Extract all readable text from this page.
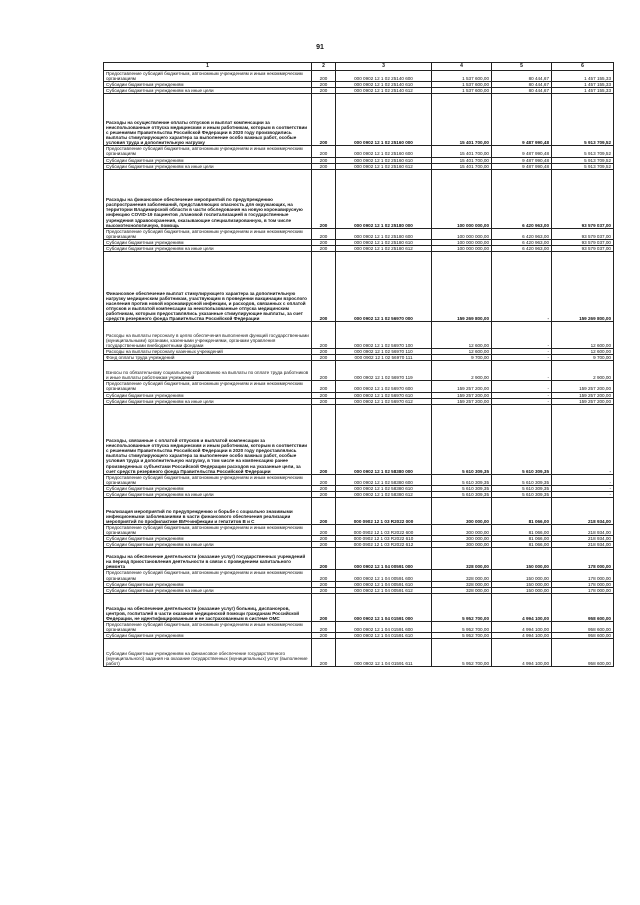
91
1	2	3	4	5	6
Предоставление субсидий бюджетным, автономным учреждениям и иным некоммерческим организациям	200	000 0902 12 1 02 25140 600	1 537 600,00	80 444,67	1 457 155,33
Субсидии бюджетным учреждениям	200	000 0902 12 1 02 25140 610	1 537 600,00	80 444,67	1 457 155,33
Субсидии бюджетным учреждениям на иные цели	200	000 0902 12 1 02 25140 612	1 537 600,00	80 444,67	1 457 155,33
Расходы на осуществление оплаты отпусков и выплат компенсации за неиспользованные отпуска медицинским и иным работникам, которым в соответствии с решениями Правительства Российской Федерации в 2020 году производились выплаты стимулирующего характера за выполнение особо важных работ, особые условия труда и дополнительную нагрузку	200	000 0902 12 1 02 25160 000	15 401 700,00	9 487 990,48	5 913 709,52
Предоставление субсидий бюджетным, автономным учреждениям и иным некоммерческим организациям	200	000 0902 12 1 02 25160 600	15 401 700,00	9 487 990,48	5 913 709,52
Субсидии бюджетным учреждениям	200	000 0902 12 1 02 25160 610	15 401 700,00	9 487 990,48	5 913 709,52
Субсидии бюджетным учреждениям на иные цели	200	000 0902 12 1 02 25160 612	15 401 700,00	9 487 990,48	5 913 709,52
Расходы на финансовое обеспечение мероприятий по предупреждению распространения заболеваний, представляющих опасность для окружающих, на территории Владимирской области в части обследования на новую коронавирусную инфекцию COVID-19 пациентов ,плановой госпитализацией в государственные учреждения здравоохранения, оказывающие специализированную, в том числе высокотехнологичную, помощь	200	000 0902 12 1 02 25180 000	100 000 000,00	6 420 963,00	93 579 037,00
Предоставление субсидий бюджетным, автономным учреждениям и иным некоммерческим организациям	200	000 0902 12 1 02 25180 600	100 000 000,00	6 420 963,00	93 579 037,00
Субсидии бюджетным учреждениям	200	000 0902 12 1 02 25180 610	100 000 000,00	6 420 963,00	93 579 037,00
Субсидии бюджетным учреждениям на иные цели	200	000 0902 12 1 02 25180 612	100 000 000,00	6 420 963,00	93 579 037,00
Финансовое обеспечение выплат стимулирующего характера за дополнительную нагрузку медицинским работникам, участвующим в проведении вакцинации взрослого населения против новой коронавирусной инфекции, и расходов, связанных с оплатой отпусков и выплатой компенсации за неиспользованные отпуска медицинским работникам, которым предоставлялись указанные стимулирующие выплаты, за счет средств резервного фонда Правительства Российской Федерации	200	000 0902 12 1 02 56970 000	159 269 800,00	-	159 269 800,00
Расходы на выплаты персоналу в целях обеспечения выполнения функций государственными (муниципальными) органами, казенными учреждениями, органами управления государственными внебюджетными фондами	200	000 0902 12 1 02 56970 100	12 600,00	-	12 600,00
Расходы на выплаты персоналу казенных учреждений	200	000 0902 12 1 02 56970 110	12 600,00	-	12 600,00
Фонд оплаты труда учреждений	200	000 0902 12 1 02 56970 111	9 700,00	-	9 700,00
Взносы по обязательному социальному страхованию на выплаты по оплате труда работников и иные выплаты работникам учреждений	200	000 0902 12 1 02 56970 119	2 900,00	-	2 900,00
Предоставление субсидий бюджетным, автономным учреждениям и иным некоммерческим организациям	200	000 0902 12 1 02 56970 600	159 257 200,00	-	159 257 200,00
Субсидии бюджетным учреждениям	200	000 0902 12 1 02 56970 610	159 257 200,00	-	159 257 200,00
Субсидии бюджетным учреждениям на иные цели	200	000 0902 12 1 02 56970 612	159 257 200,00	-	159 257 200,00
Расходы, связанные с оплатой отпусков и выплатой компенсации за неиспользованные отпуска медицинским и иным работникам, которым в соответствии с решениями Правительства Российской Федерации в 2020 году предоставлялись выплаты стимулирующего характера за выполнение особо важных работ, особые условия труда и дополнительную нагрузку, в том числе на компенсацию ранее произведенных субъектами Российской Федерации расходов на указанные цели, за счет средств резервного фонда Правительства Российской Федерации	200	000 0902 12 1 02 58380 000	5 610 309,35	5 610 309,35	-
Предоставление субсидий бюджетным, автономным учреждениям и иным некоммерческим организациям	200	000 0902 12 1 02 58380 600	5 610 309,35	5 610 309,35	-
Субсидии бюджетным учреждениям	200	000 0902 12 1 02 58380 610	5 610 309,35	5 610 309,35	-
Субсидии бюджетным учреждениям на иные цели	200	000 0902 12 1 02 58380 612	5 610 309,35	5 610 309,35	-
Реализация мероприятий по предупреждению и борьбе с социально значимыми инфекционными заболеваниями в части финансового обеспечения реализации мероприятий по профилактике ВИЧ-инфекции и гепатитов В и С	200	000 0902 12 1 03 R2022 000	300 000,00	81 066,00	218 934,00
Предоставление субсидий бюджетным, автономным учреждениям и иным некоммерческим организациям	200	000 0902 12 1 03 R2022 600	300 000,00	81 066,00	218 934,00
Субсидии бюджетным учреждениям	200	000 0902 12 1 03 R2022 610	300 000,00	81 066,00	218 934,00
Субсидии бюджетным учреждениям на иные цели	200	000 0902 12 1 03 R2022 612	300 000,00	81 066,00	218 934,00
Расходы на обеспечение деятельности (оказание услуг) государственных учреждений на период приостановления деятельности в связи с проведением капитального ремонта	200	000 0902 12 1 04 00591 000	328 000,00	150 000,00	178 000,00
Предоставление субсидий бюджетным, автономным учреждениям и иным некоммерческим организациям	200	000 0902 12 1 04 00591 600	328 000,00	150 000,00	178 000,00
Субсидии бюджетным учреждениям	200	000 0902 12 1 04 00591 610	328 000,00	150 000,00	178 000,00
Субсидии бюджетным учреждениям на иные цели	200	000 0902 12 1 04 00591 612	328 000,00	150 000,00	178 000,00
Расходы на обеспечение деятельности (оказание услуг) больниц, диспансеров, центров, госпиталей в части оказания медицинской помощи гражданам Российской Федерации, не идентифицированным и не застрахованным в системе ОМС	200	000 0902 12 1 04 01591 000	5 952 700,00	4 994 100,00	958 600,00
Предоставление субсидий бюджетным, автономным учреждениям и иным некоммерческим организациям	200	000 0902 12 1 04 01591 600	5 952 700,00	4 994 100,00	958 600,00
Субсидии бюджетным учреждениям	200	000 0902 12 1 04 01591 610	5 952 700,00	4 994 100,00	958 600,00
Субсидии бюджетным учреждениям на финансовое обеспечение государственного (муниципального) задания на оказание государственных (муниципальных) услуг (выполнение работ)	200	000 0902 12 1 04 01591 611	5 952 700,00	4 994 100,00	958 600,00
